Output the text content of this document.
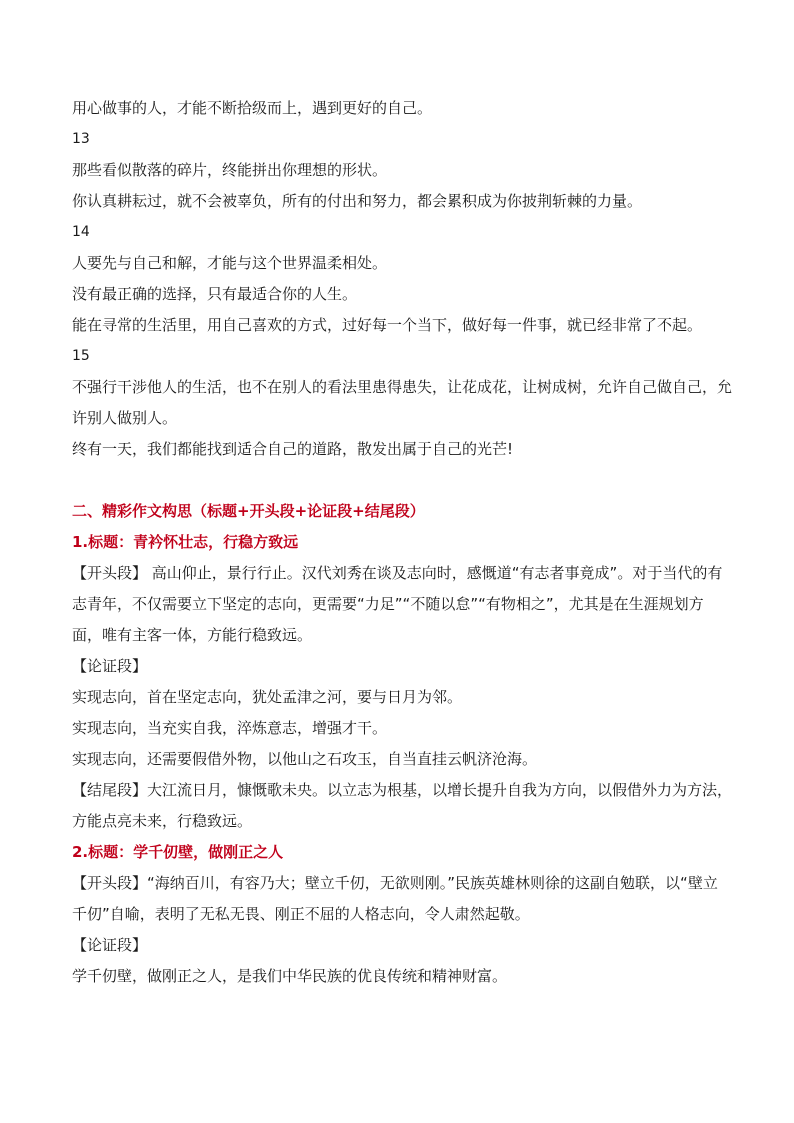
用心做事的人，才能不断拾级而上，遇到更好的自己。
13
那些看似散落的碎片，终能拼出你理想的形状。
你认真耕耘过，就不会被辜负，所有的付出和努力，都会累积成为你披荆斩棘的力量。
14
人要先与自己和解，才能与这个世界温柔相处。
没有最正确的选择，只有最适合你的人生。
能在寻常的生活里，用自己喜欢的方式，过好每一个当下，做好每一件事，就已经非常了不起。
15
不强行干涉他人的生活，也不在别人的看法里患得患失，让花成花，让树成树，允许自己做自己，允许别人做别人。
终有一天，我们都能找到适合自己的道路，散发出属于自己的光芒!
二、精彩作文构思（标题+开头段+论证段+结尾段）
1.标题：青衿怀壮志，行稳方致远
【开头段】 高山仰止，景行行止。汉代刘秀在谈及志向时，感慨道“有志者事竟成”。对于当代的有志青年，不仅需要立下坚定的志向，更需要“力足”“不随以怠”“有物相之”，尤其是在生涯规划方面，唯有主客一体，方能行稳致远。
【论证段】
实现志向，首在坚定志向，犹处孟津之河，要与日月为邻。
实现志向，当充实自我，淬炼意志，增强才干。
实现志向，还需要假借外物，以他山之石攻玉，自当直挂云帆济沧海。
【结尾段】大江流日月，慷慨歌未央。以立志为根基，以增长提升自我为方向，以假借外力为方法，方能点亮未来，行稳致远。
2.标题：学千仞壁，做刚正之人
【开头段】“海纳百川，有容乃大；壁立千仞，无欲则刚。”民族英雄林则徐的这副自勉联，以“壁立千仞”自喻，表明了无私无畏、刚正不屈的人格志向，令人肃然起敬。
【论证段】
学千仞壁，做刚正之人，是我们中华民族的优良传统和精神财富。
